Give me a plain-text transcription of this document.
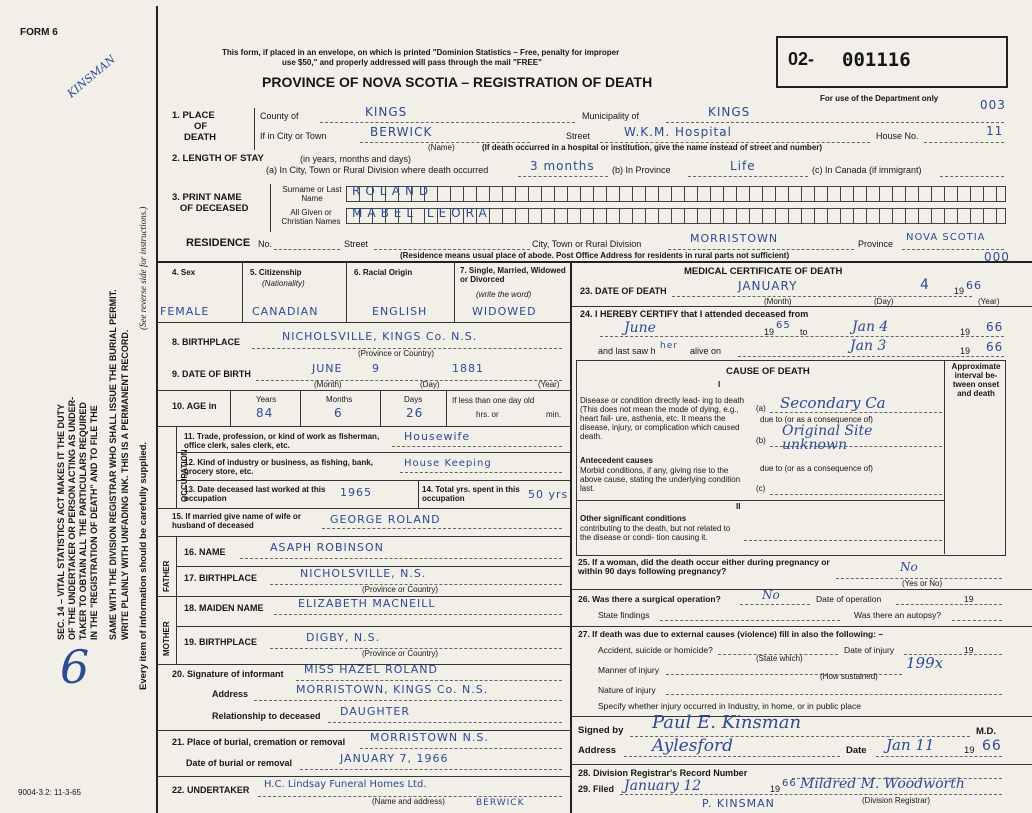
FORM 6
This form, if placed in an envelope, on which is printed "Dominion Statistics – Free, penalty for improper
use $50," and properly addressed will pass through the mail "FREE"
PROVINCE OF NOVA SCOTIA – REGISTRATION OF DEATH
02- 001116
For use of the Department only	003
SEC. 14 – VITAL STATISTICS ACT MAKES IT THE DUTY OF THE UNDERTAKER OR PERSON ACTING AS UNDER- TAKER TO OBTAIN ALL THE PARTICULARS REQUIRED IN THE "REGISTRATION OF DEATH" AND TO FILE THE SAME WITH THE DIVISION REGISTRAR WHO SHALL ISSUE THE BURIAL PERMIT. WRITE PLAINLY WITH UNFADING INK. THIS IS A PERMANENT RECORD. Every item of information should be carefully supplied.
(See reverse side for instructions.)
KINSMAN
6
1. PLACE
OF
DEATH
County of	KINGS	Municipality of	KINGS
If in City or Town	BERWICK
(Name)
Street	W.K.M. Hospital	House No.	11
(If death occurred in a hospital or institution, give the name instead of street and number)
2. LENGTH OF STAY	(in years, months and days)
(a) In City, Town or Rural Division where death occurred	3 months (b) In Province	Life	(c) In Canada (if immigrant)
3. PRINT NAME
OF DECEASED
Surname or Last Name
All Given or Christian Names
ROLAND
MABEL LEORA
RESIDENCE No.	Street	City, Town or Rural Division	MORRISTOWN	Province
NOVA SCOTIA
(Residence means usual place of abode. Post Office Address for residents in rural parts not sufficient)	000
4. Sex	5. Citizenship
(Nationality)
6. Racial Origin	7. Single, Married, Widowed or Divorced
(write the word)
FEMALE	CANADIAN	ENGLISH	WIDOWED
8. BIRTHPLACE	NICHOLSVILLE, KINGS Co. N.S.
(Province or Country)
9. DATE OF BIRTH	JUNE	9	1881
(Month)	(Day)	(Year)
10. AGE in
Years	Months	Days
84	6	26
If less than one day old
hrs. or	min.
OCCUPATION
11. Trade, profession, or kind of work as fisherman, office clerk, sales clerk, etc.
Housewife
12. Kind of industry or business, as fishing, bank, grocery store, etc.
House Keeping
13. Date deceased last worked at this occupation	1965	14. Total yrs. spent in this occupation	50 yrs
15. If married give name of wife or husband of deceased	GEORGE ROLAND
FATHER
MOTHER
16. NAME	ASAPH ROBINSON
17. BIRTHPLACE	NICHOLSVILLE, N.S.
(Province or Country)
18. MAIDEN NAME	ELIZABETH MACNEILL
19. BIRTHPLACE	DIGBY, N.S.
(Province or Country)
20. Signature of informant MISS HAZEL ROLAND
Address	MORRISTOWN, KINGS Co. N.S.
Relationship to deceased DAUGHTER
21. Place of burial, cremation or removal MORRISTOWN N.S.
Date of burial or removal	JANUARY 7, 1966
22. UNDERTAKER H.C. Lindsay Funeral Homes Ltd.
(Name and address)	BERWICK
9004-3.2: 11-3-65
MEDICAL CERTIFICATE OF DEATH
23. DATE OF DEATH	JANUARY	4	19 66
(Month)	(Day)	(Year)
24. I HEREBY CERTIFY that I attended deceased from
June	19
65
to	Jan 4	19 66
and last saw h her alive on	Jan 3	19 66
CAUSE OF DEATH	Approximate interval be- tween onset and death
I
Disease or condition directly lead- ing to death (This does not mean the mode of dying, e.g., heart fail- ure, asthenia, etc. It means the disease, injury, or complication which caused death.
(a) Secondary Ca
due to (or as a consequence of)
(b)
Original Site unknown
Antecedent causes
Morbid conditions, if any, giving rise to the above cause, stating the underlying condition last.
due to (or as a consequence of)
(c)
II
Other significant conditions
contributing to the death, but not related to the disease or condi- tion causing it.
25. If a woman, did the death occur either during pregnancy or within 90 days following pregnancy?	No
(Yes or No)
26. Was there a surgical operation?	No	Date of operation	19
State findings	Was there an autopsy?
27. If death was due to external causes (violence) fill in also the following: –
Accident, suicide or homicide?
(State which)
Date of injury	19
199x
Manner of injury
(How sustained)
Nature of injury
Specify whether injury occurred in Industry, in home, or in public place
Signed by Paul E. Kinsman	M.D.
Address Aylesford	Date Jan 11	19 66
28. Division Registrar's Record Number
29. Filed January 12	19 66 Mildred M. Woodworth
(Division Registrar)
P. KINSMAN
